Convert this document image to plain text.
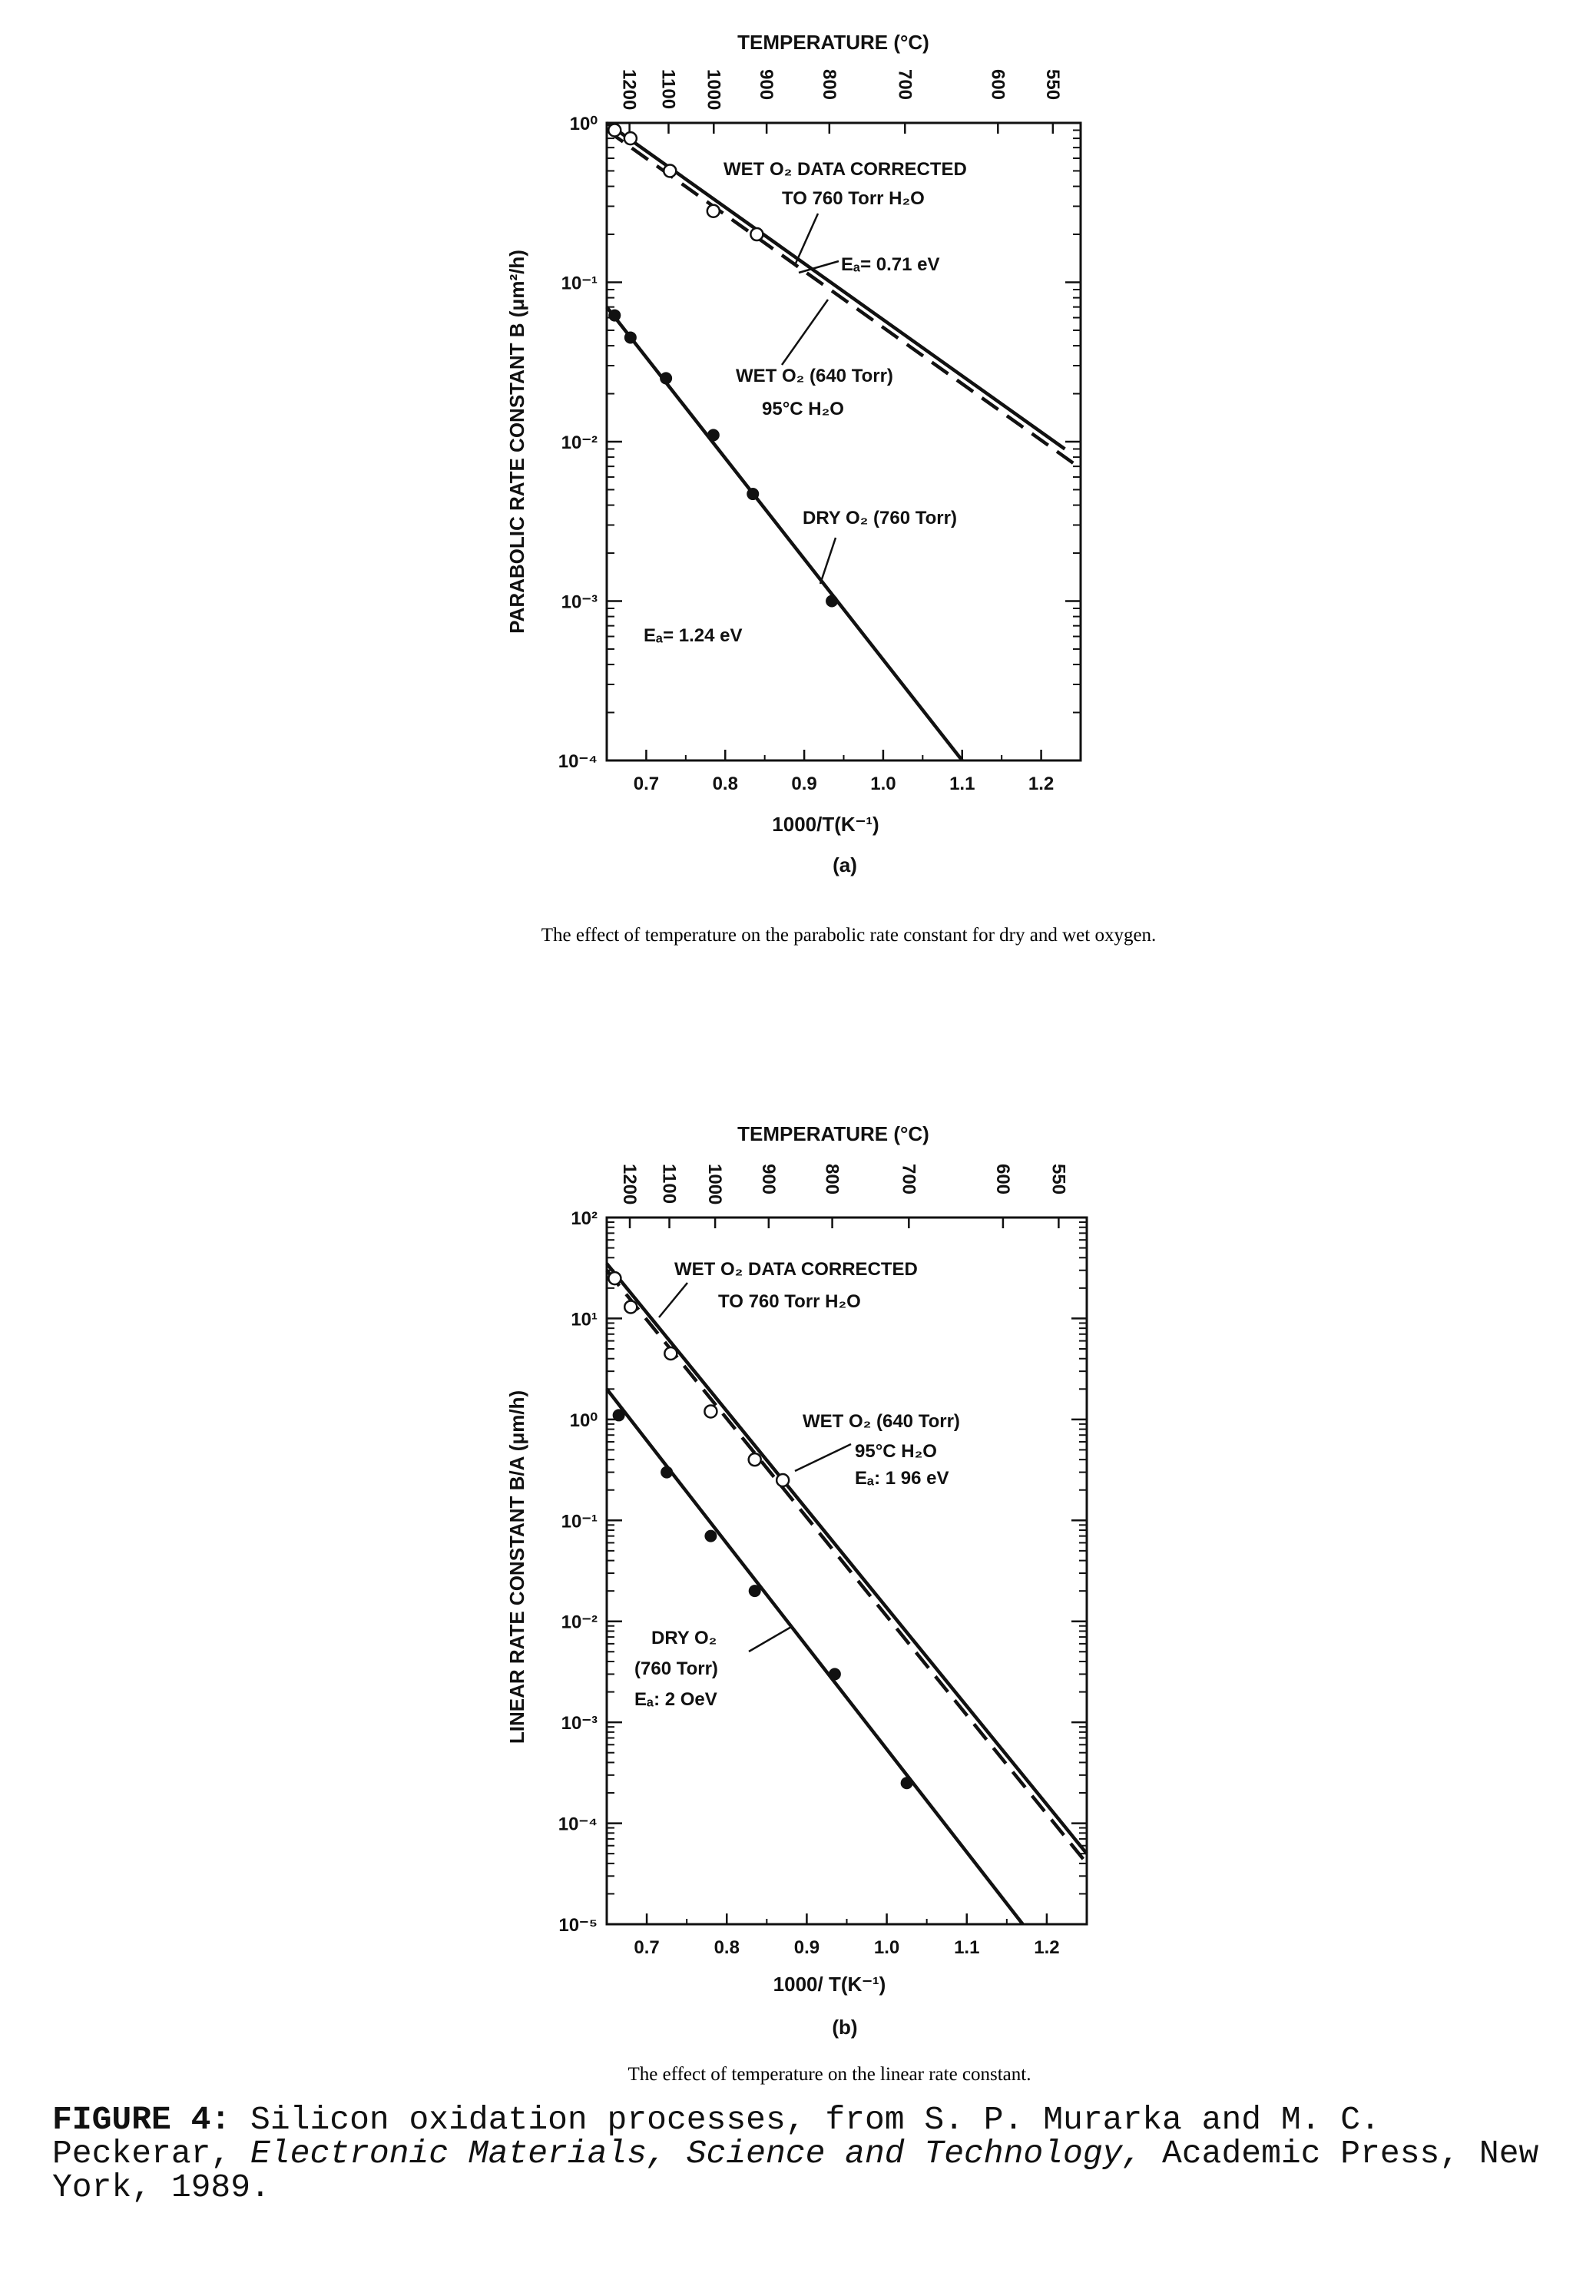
TEMPERATURE (°C)
PARABOLIC RATE CONSTANT B (μm²/h)
1000/T(K⁻¹)
(a)
0.7	0.8	0.9	1.0	1.1	1.2
10⁰
10⁻¹
10⁻²
10⁻³
10⁻⁴
1200 1100 1000 900 800	700	600 550
WET O₂ DATA CORRECTED
TO 760 Torr H₂O
Eₐ= 0.71 eV
WET O₂ (640 Torr)
95°C H₂O
DRY O₂ (760 Torr)
Eₐ= 1.24 eV
The effect of temperature on the parabolic rate constant for dry and wet oxygen.
TEMPERATURE (°C)
LINEAR RATE CONSTANT B/A (μm/h)
1000/ T(K⁻¹)
(b)
0.7	0.8	0.9	1.0	1.1	1.2
10²
10¹
10⁰
10⁻¹
10⁻²
10⁻³
10⁻⁴
10⁻⁵
1200 1100 1000 900 800	700	600 550
WET O₂ DATA CORRECTED
TO 760 Torr H₂O
WET O₂ (640 Torr)
95°C H₂O
Eₐ: 1 96 eV
DRY O₂
(760 Torr)
Eₐ: 2 OeV
The effect of temperature on the linear rate constant.
FIGURE 4: Silicon oxidation processes, from S. P. Murarka and M. C. Peckerar, Electronic Materials, Science and Technology, Academic Press, New York, 1989.
